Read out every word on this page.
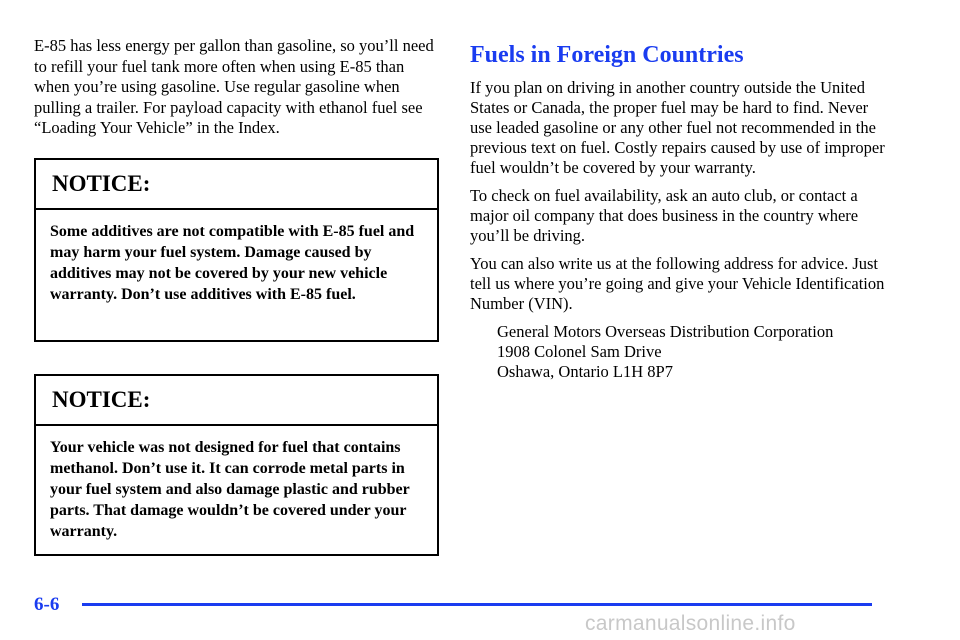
E-85 has less energy per gallon than gasoline, so you’ll need to refill your fuel tank more often when using E-85 than when you’re using gasoline. Use regular gasoline when pulling a trailer. For payload capacity with ethanol fuel see “Loading Your Vehicle” in the Index.

NOTICE:
Some additives are not compatible with E-85 fuel and may harm your fuel system. Damage caused by additives may not be covered by your new vehicle warranty. Don’t use additives with E-85 fuel.
NOTICE:
Your vehicle was not designed for fuel that contains methanol. Don’t use it. It can corrode metal parts in your fuel system and also damage plastic and rubber parts. That damage wouldn’t be covered under your warranty.
Fuels in Foreign Countries

If you plan on driving in another country outside the United States or Canada, the proper fuel may be hard to find. Never use leaded gasoline or any other fuel not recommended in the previous text on fuel. Costly repairs caused by use of improper fuel wouldn’t be covered by your warranty.

To check on fuel availability, ask an auto club, or contact a major oil company that does business in the country where you’ll be driving.

You can also write us at the following address for advice. Just tell us where you’re going and give your Vehicle Identification Number (VIN).

General Motors Overseas Distribution Corporation
1908 Colonel Sam Drive
Oshawa, Ontario L1H 8P7
6-6
carmanualsonline.info
